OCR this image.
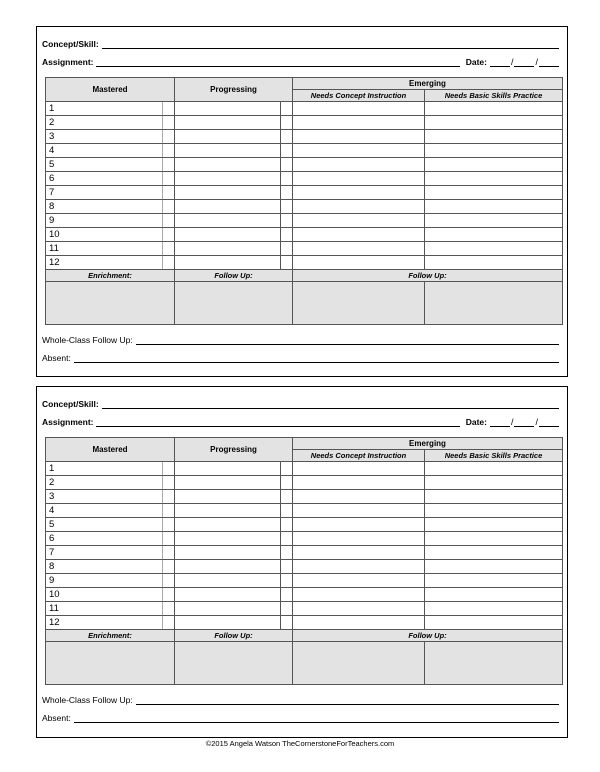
Concept/Skill:
Assignment:	Date:	/ /
Mastered		Progressing		Emerging	
				Needs Concept Instruction	Needs Basic Skills Practice
1					
2					
3					
4					
5					
6					
7					
8					
9					
10					
11					
12					
Enrichment:		Follow Up:		Follow Up:	

Whole-Class Follow Up:
Absent:
Concept/Skill:
Assignment:	Date:	/ /
Mastered		Progressing		Emerging	
				Needs Concept Instruction	Needs Basic Skills Practice
1					
2					
3					
4					
5					
6					
7					
8					
9					
10					
11					
12					
Enrichment:		Follow Up:		Follow Up:	

Whole-Class Follow Up:
Absent:
©2015 Angela Watson TheCornerstoneForTeachers.com
